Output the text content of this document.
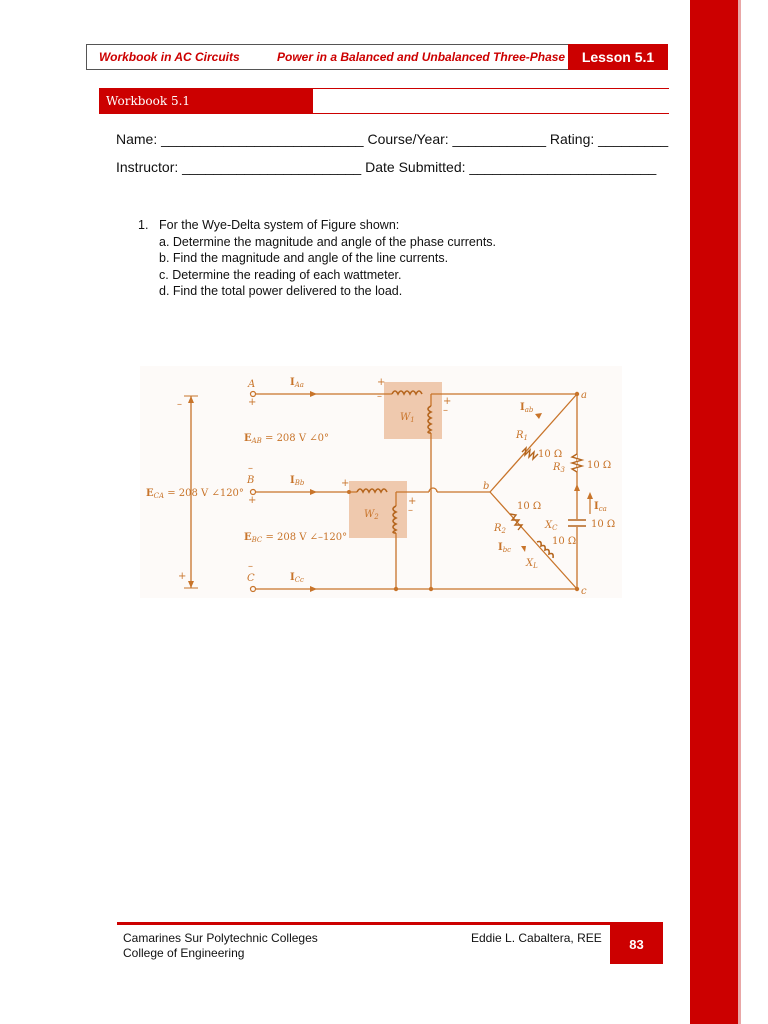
Workbook in AC Circuits	Power in a Balanced and Unbalanced Three-Phase	Lesson 5.1
Workbook 5.1
Name: __________________________ Course/Year: ____________ Rating: _________
Instructor: _______________________ Date Submitted: ________________________
1. For the Wye-Delta system of Figure shown:
a. Determine the magnitude and angle of the phase currents.
b. Find the magnitude and angle of the line currents.
c. Determine the reading of each wattmeter.
d. Find the total power delivered to the load.
A
+
–
B
+
–
C
–
+
$I_{Aa}$
$I_{Bb}$
$I_{Cc}$
$E_{AB} = 208$ V ∠0°
$E_{BC} = 208$ V ∠–120°
$E_{CA} = 208$ V ∠120°
+
–	+
–
$W_1$
+
+
–
$W_2$
a
b
c
$I_{ab}$
$R_1$
10 Ω
$R_3$ 10 Ω
$I_{ca}$
10 Ω
$R_2$	$X_C$	10 Ω
10 Ω
$I_{bc}$
$X_L$
Camarines Sur Polytechnic Colleges
College of Engineering
Eddie L. Cabaltera, REE	83
